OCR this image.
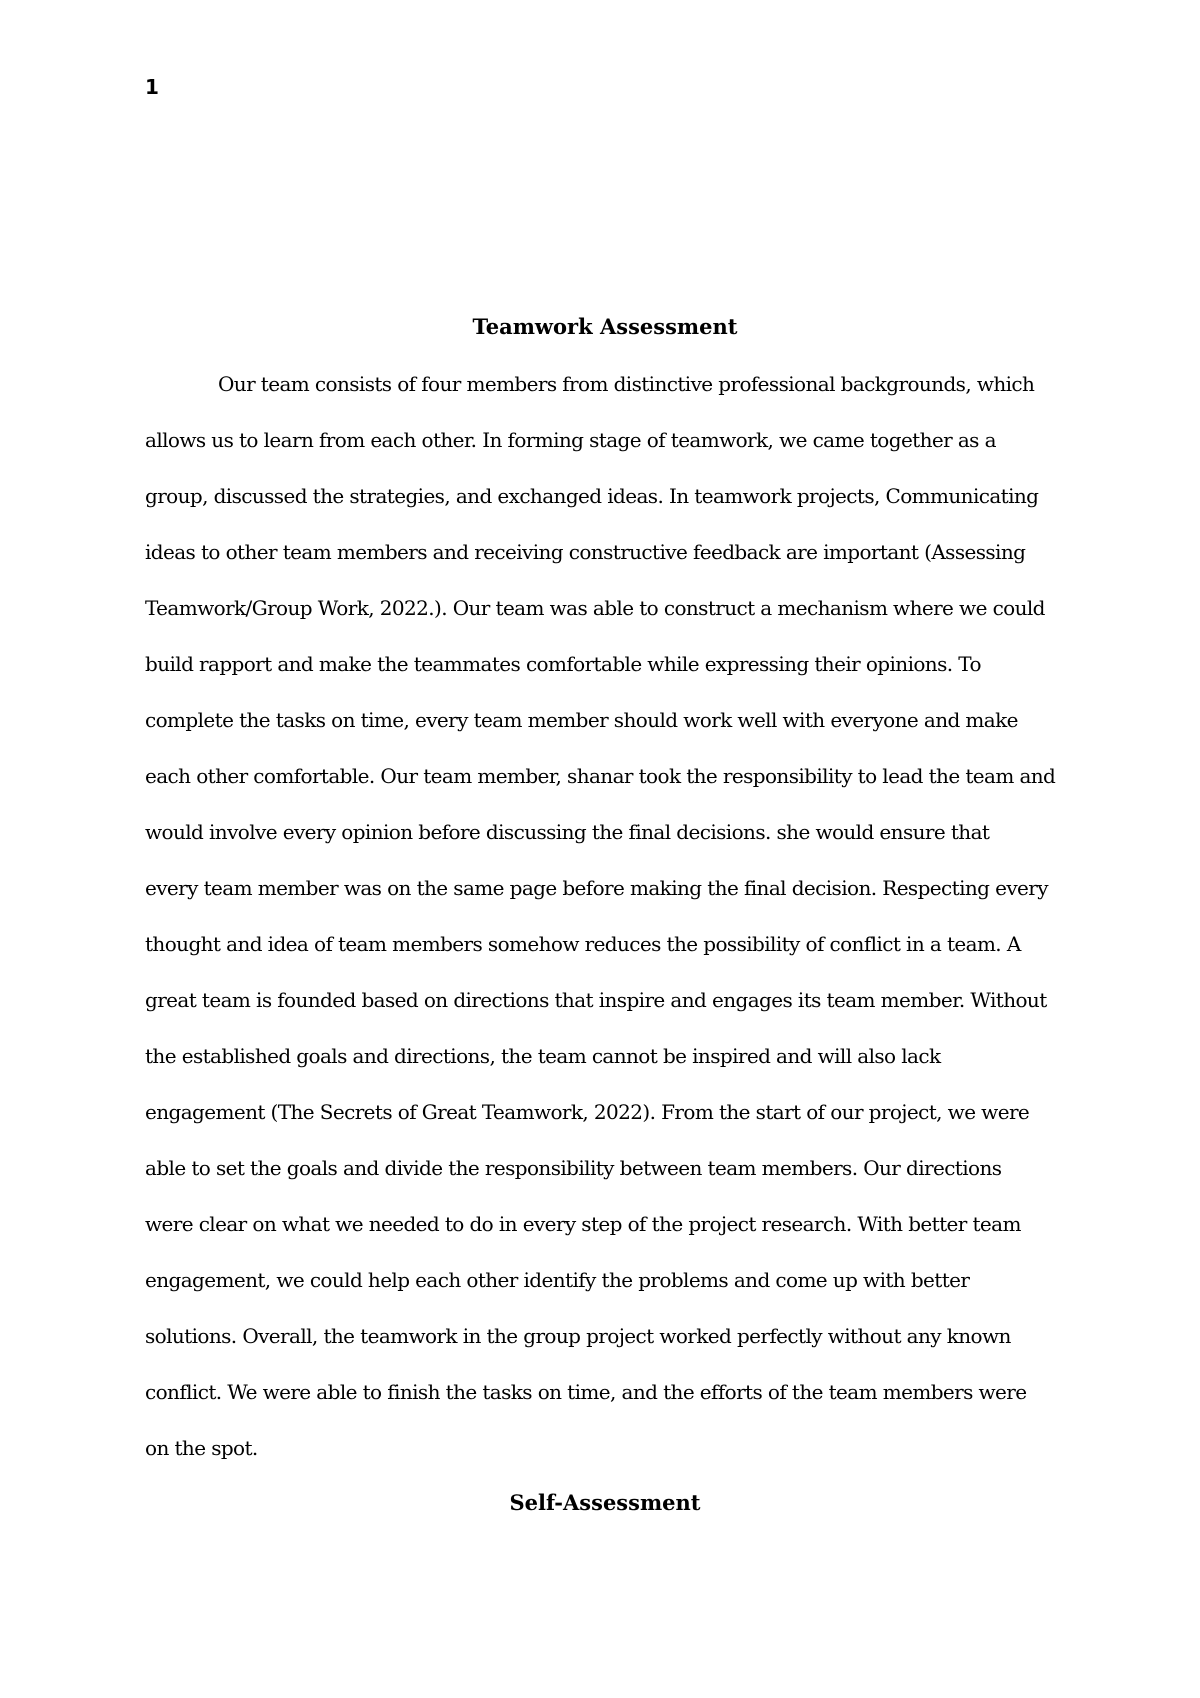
1
Teamwork Assessment
Our team consists of four members from distinctive professional backgrounds, which
allows us to learn from each other. In forming stage of teamwork, we came together as a
group, discussed the strategies, and exchanged ideas. In teamwork projects, Communicating
ideas to other team members and receiving constructive feedback are important (Assessing
Teamwork/Group Work, 2022.). Our team was able to construct a mechanism where we could
build rapport and make the teammates comfortable while expressing their opinions. To
complete the tasks on time, every team member should work well with everyone and make
each other comfortable. Our team member, shanar took the responsibility to lead the team and
would involve every opinion before discussing the final decisions. she would ensure that
every team member was on the same page before making the final decision. Respecting every
thought and idea of team members somehow reduces the possibility of conflict in a team. A
great team is founded based on directions that inspire and engages its team member. Without
the established goals and directions, the team cannot be inspired and will also lack
engagement (The Secrets of Great Teamwork, 2022). From the start of our project, we were
able to set the goals and divide the responsibility between team members. Our directions
were clear on what we needed to do in every step of the project research. With better team
engagement, we could help each other identify the problems and come up with better
solutions. Overall, the teamwork in the group project worked perfectly without any known
conflict. We were able to finish the tasks on time, and the efforts of the team members were
on the spot.
Self-Assessment
